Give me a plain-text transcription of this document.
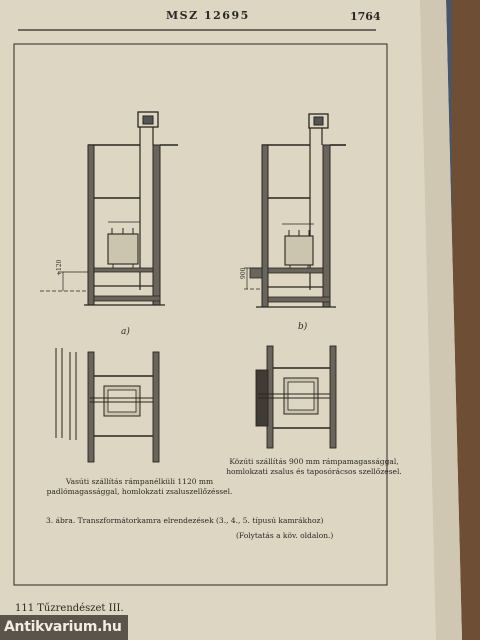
MSZ 12695	1764
a)	b)
+120	900
Vasúti szállítás rámpanélküli 1120 mm padlómagassággal, homlokzati zsaluszellőzéssel.
Közúti szállítás 900 mm rámpamagassággal, homlokzati zsalus és taposórácsos szellőzésel.
3. ábra. Transzformátorkamra elrendezések (3., 4., 5. típusú kamrákhoz)
(Folytatás a köv. oldalon.)
111 Tűzrendészet III.
Antikvarium.hu
